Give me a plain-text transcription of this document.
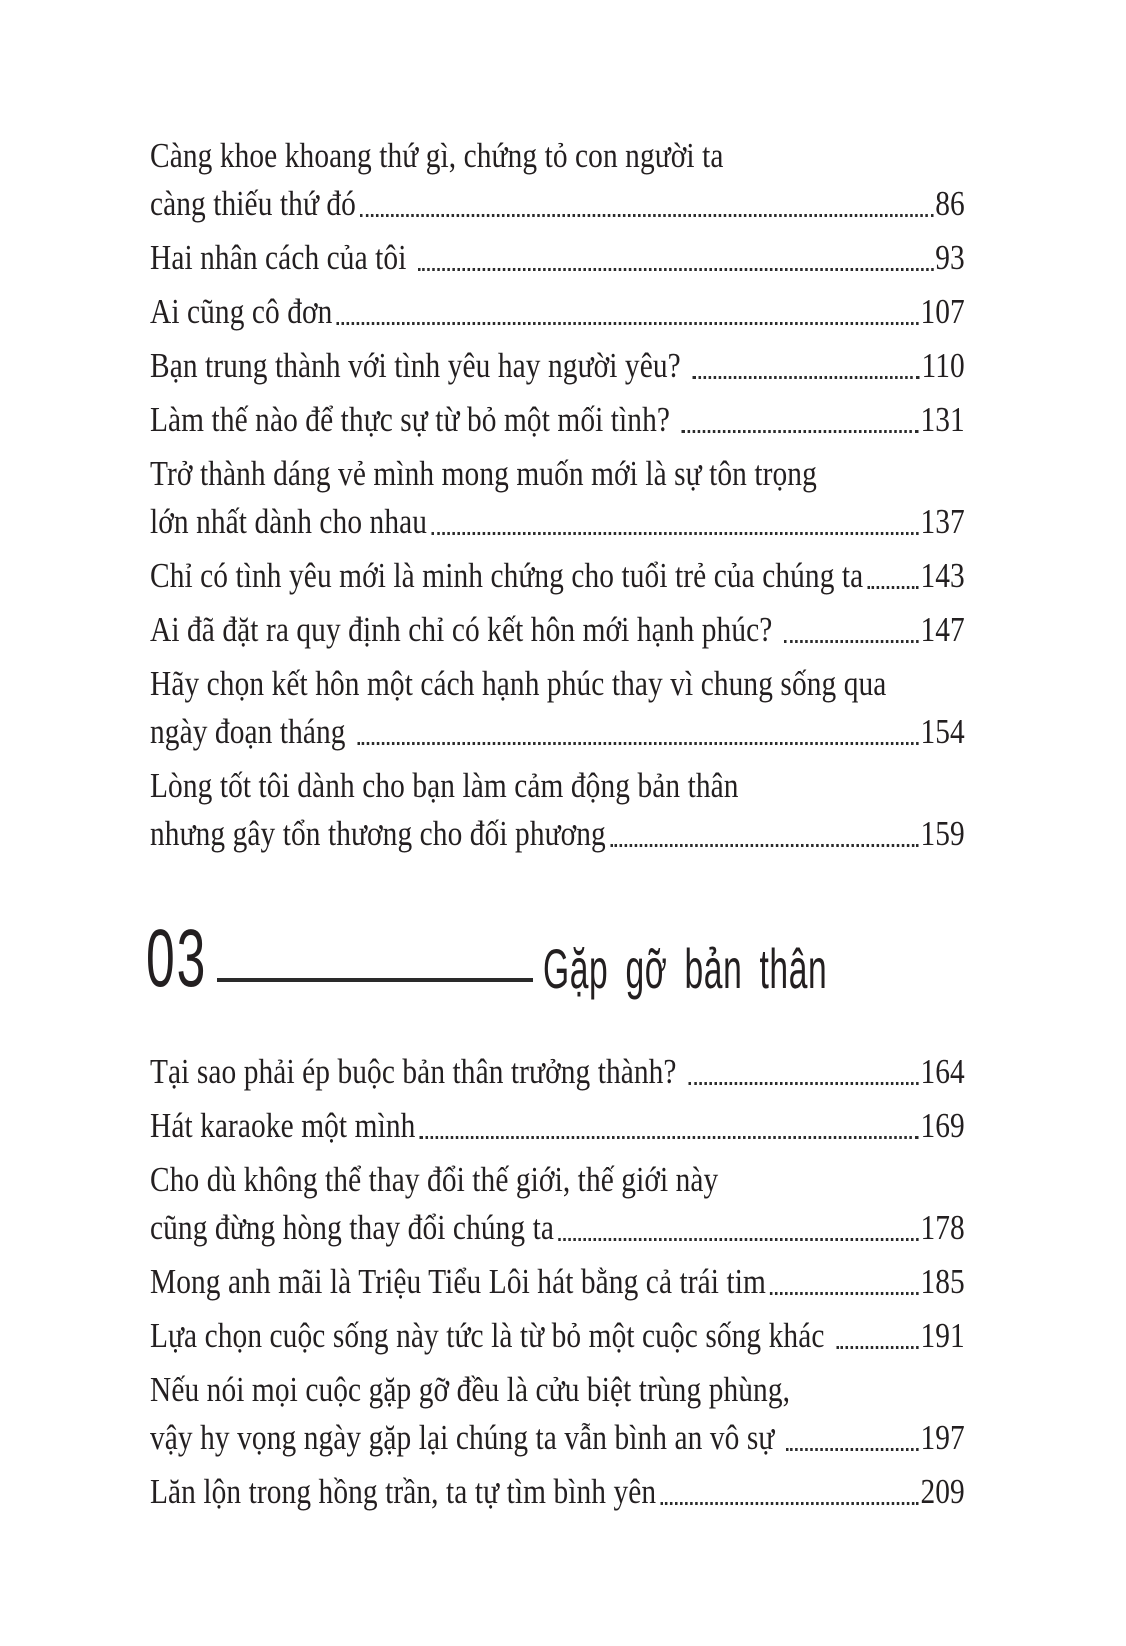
Càng khoe khoang thứ gì, chứng tỏ con người ta
càng thiếu thứ đó	86
Hai nhân cách của tôi	93
Ai cũng cô đơn	107
Bạn trung thành với tình yêu hay người yêu?	110
Làm thế nào để thực sự từ bỏ một mối tình?	131
Trở thành dáng vẻ mình mong muốn mới là sự tôn trọng
lớn nhất dành cho nhau	137
Chỉ có tình yêu mới là minh chứng cho tuổi trẻ của chúng ta 143
Ai đã đặt ra quy định chỉ có kết hôn mới hạnh phúc?	147
Hãy chọn kết hôn một cách hạnh phúc thay vì chung sống qua
ngày đoạn tháng	154
Lòng tốt tôi dành cho bạn làm cảm động bản thân
nhưng gây tổn thương cho đối phương	159
03	Gặp gỡ bản thân
Tại sao phải ép buộc bản thân trưởng thành?	164
Hát karaoke một mình	169
Cho dù không thể thay đổi thế giới, thế giới này
cũng đừng hòng thay đổi chúng ta	178
Mong anh mãi là Triệu Tiểu Lôi hát bằng cả trái tim	185
Lựa chọn cuộc sống này tức là từ bỏ một cuộc sống khác	191
Nếu nói mọi cuộc gặp gỡ đều là cửu biệt trùng phùng,
vậy hy vọng ngày gặp lại chúng ta vẫn bình an vô sự	197
Lăn lộn trong hồng trần, ta tự tìm bình yên	209
